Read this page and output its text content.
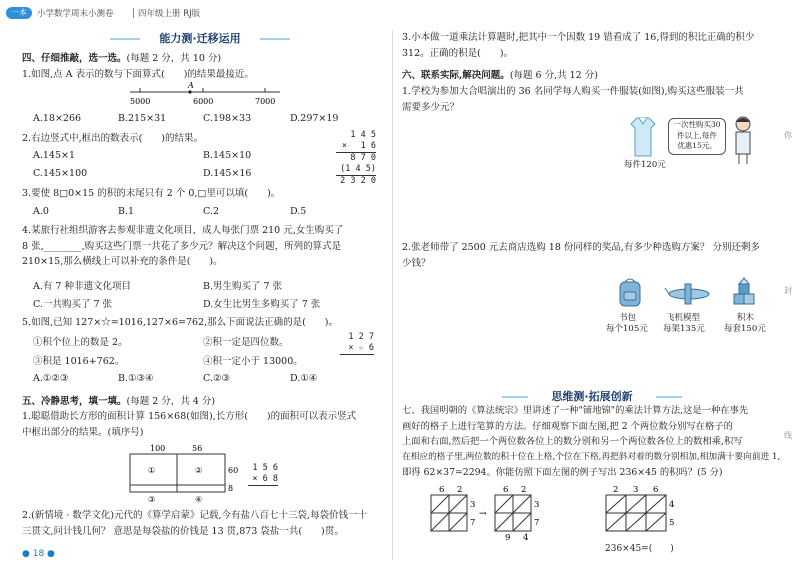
一本	小学数学周末小测卷	四年级上册 RJ版
能力测·迁移运用
四、仔细推敲，选一选。(每题 2 分，共 10 分)
1.如图,点 A 表示的数与下面算式(　　)的结果最接近。
A
5000	6000	7000
A.18×266	B.215×31	C.198×33	D.297×19
2.右边竖式中,框出的数表示(　　)的结果。
A.145×1	B.145×10
C.145×100	D.145×16
1 4 5
× 　1 6
8 7 0
(1 4 5)
2 3 2 0
3.要使 8□0×15 的积的末尾只有 2 个 0,□里可以填(　　)。
A.0	B.1	C.2	D.5
4.某旅行社组织游客去参观非遗文化项目，成人每张门票 210 元,女生购买了
8 张,________,购买这些门票一共花了多少元？解决这个问题，所列的算式是
210×15,那么横线上可以补充的条件是(　　)。
A.有 7 种非遗文化项目	B.男生购买了 7 张
C.一共购买了 7 张	D.女生比男生多购买了 7 张
5.如图,已知 127×☆=1016,127×6=762,那么下面说法正确的是(　　)。
①积个位上的数是 2。	②积一定是四位数。
③积是 1016+762。	④积一定小于 13000。
A.①②③	B.①③④	C.②③	D.①④
1 2 7
× ☆ 6
五、冷静思考，填一填。(每题 2 分，共 4 分)
1.聪聪借助长方形的面积计算 156×68(如图),长方形(　　)的面积可以表示竖式
中框出部分的结果。(填序号)
100	56
60
①	②
8
③	④
1 5 6
× 6 8
2.(新情境 · 数学文化)元代的《算学启蒙》记载,今有盐八百七十三袋,每袋价钱一十
三贯文,问计钱几何？ 意思是每袋盐的价钱是 13 贯,873 袋盐一共(　　)贯。
● 18 ●
3.小本做一道乘法计算题时,把其中一个因数 19 错看成了 16,得到的积比正确的积少
312。正确的积是(　　)。
六、联系实际,解决问题。(每题 6 分,共 12 分)
1.学校为参加大合唱演出的 36 名同学每人购买一件服装(如图),购买这些服装一共
需要多少元？
每件120元
一次性购买30
件以上,每件
优惠15元。
2.张老师带了 2500 元去商店选购 18 份同样的奖品,有多少种选购方案？ 分别还剩多
少钱？
书包
每个105元
飞机模型
每架135元
积木
每套150元
思维测·拓展创新
七、我国明朝的《算法统宗》里讲述了一种"铺地锦"的乘法计算方法,这是一种在事先
画好的格子上进行笔算的方法。仔细观察下面左图,把 2 个两位数分别写在格子的
上面和右面,然后把一个两位数各位上的数分别和另一个两位数各位上的数相乘,积写
在相应的格子里,两位数的积十位在上格,个位在下格,再把斜对着的数分别相加,相加满十要向前进 1,
即得 62×37=2294。你能仿照下面左图的例子写出 236×45 的积吗？(5 分)
6 2
3
7
→
6 2
3
7
9 4
2 3 6
4
5
236×45=(　　)
你
封
线
